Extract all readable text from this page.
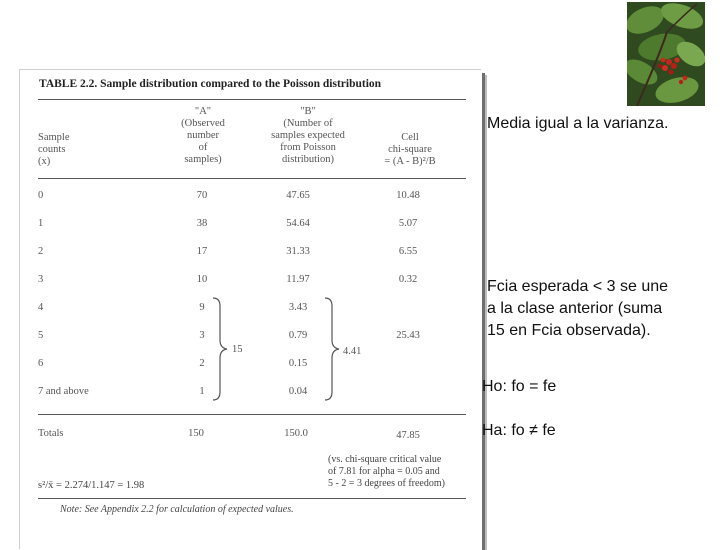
TABLE 2.2. Sample distribution compared to the Poisson distribution
Sample
counts
(x)
"A"
(Observed
number
of
samples)
"B"
(Number of
samples expected
from Poisson
distribution)
Cell
chi-square
= (A - B)²/B
0	70	47.65	10.48
1	38	54.64	5.07
2	17	31.33	6.55
3	10	11.97	0.32
4	9	3.43
5	3	0.79	25.43
6	2	0.15
7 and above	1	0.04
15	4.41
Totals	150	150.0	47.85
(vs. chi-square critical value
of 7.81 for alpha = 0.05 and
5 - 2 = 3 degrees of freedom)
s²/x̄ = 2.274/1.147 = 1.98
Note: See Appendix 2.2 for calculation of expected values.
Media igual a la varianza.
Fcia esperada < 3 se une
a la clase anterior (suma
15 en Fcia observada).
Ho: fo = fe
Ha: fo ≠ fe
